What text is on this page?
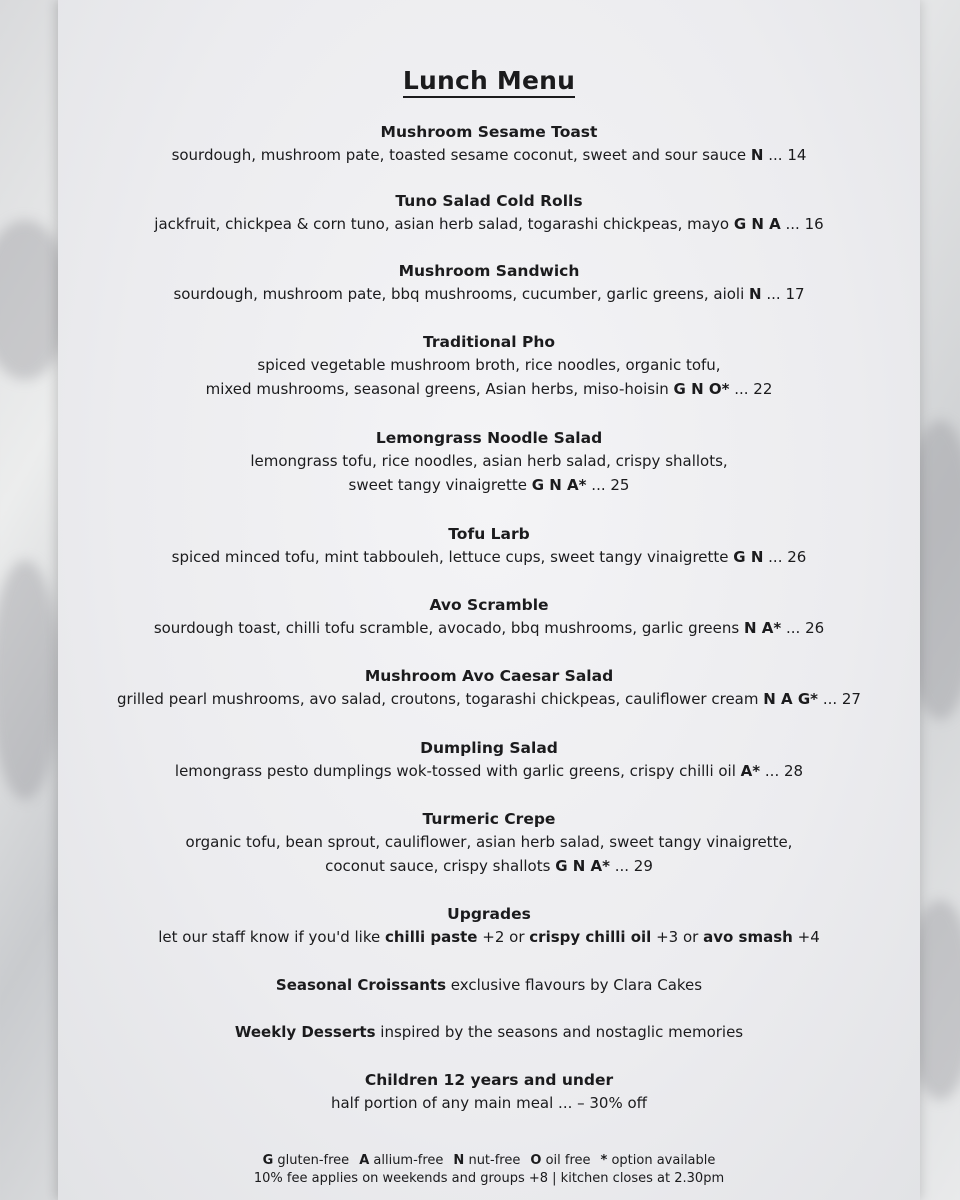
Lunch Menu
Mushroom Sesame Toast
sourdough, mushroom pate, toasted sesame coconut, sweet and sour sauce N ... 14
Tuno Salad Cold Rolls
jackfruit, chickpea & corn tuno, asian herb salad, togarashi chickpeas, mayo G N A ... 16
Mushroom Sandwich
sourdough, mushroom pate, bbq mushrooms, cucumber, garlic greens, aioli N ... 17
Traditional Pho
spiced vegetable mushroom broth, rice noodles, organic tofu,
mixed mushrooms, seasonal greens, Asian herbs, miso-hoisin G N O* ... 22
Lemongrass Noodle Salad
lemongrass tofu, rice noodles, asian herb salad, crispy shallots,
sweet tangy vinaigrette G N A* ... 25
Tofu Larb
spiced minced tofu, mint tabbouleh, lettuce cups, sweet tangy vinaigrette G N ... 26
Avo Scramble
sourdough toast, chilli tofu scramble, avocado, bbq mushrooms, garlic greens N A* ... 26
Mushroom Avo Caesar Salad
grilled pearl mushrooms, avo salad, croutons, togarashi chickpeas, cauliflower cream N A G* ... 27
Dumpling Salad
lemongrass pesto dumplings wok-tossed with garlic greens, crispy chilli oil A* ... 28
Turmeric Crepe
organic tofu, bean sprout, cauliflower, asian herb salad, sweet tangy vinaigrette,
coconut sauce, crispy shallots G N A* ... 29
Upgrades
let our staff know if you'd like chilli paste +2 or crispy chilli oil +3 or avo smash +4
Seasonal Croissants exclusive flavours by Clara Cakes
Weekly Desserts inspired by the seasons and nostaglic memories
Children 12 years and under
half portion of any main meal ... – 30% off
G gluten-free A allium-free N nut-free O oil free * option available
10% fee applies on weekends and groups +8 | kitchen closes at 2.30pm
